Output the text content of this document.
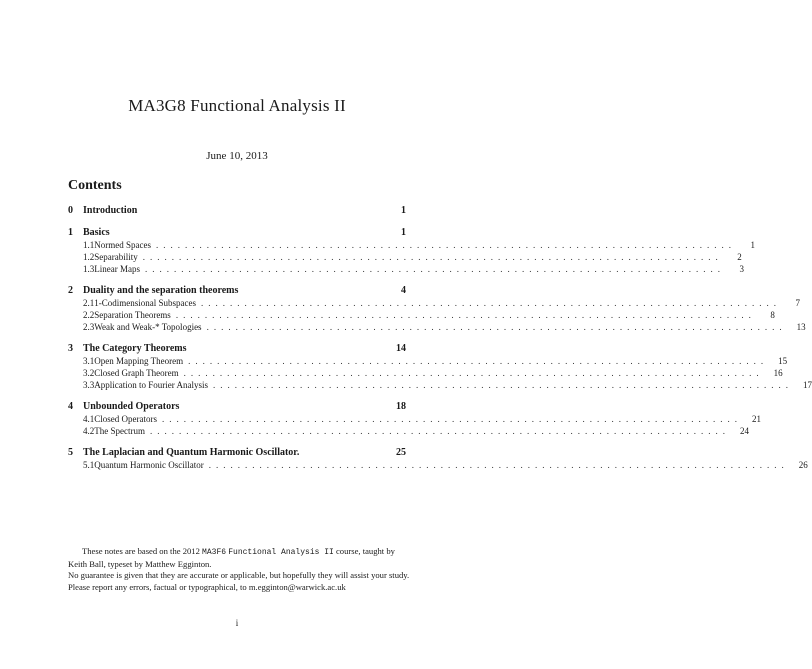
MA3G8 Functional Analysis II
June 10, 2013
Contents
0	Introduction	1
1	Basics	1
1.1 Normed Spaces ................................................................................	1
1.2 Separability ................................................................................	2
1.3 Linear Maps ................................................................................	3
2	Duality and the separation theorems	4
2.1 1-Codimensional Subspaces ................................................................................	7
2.2 Separation Theorems ................................................................................	8
2.3 Weak and Weak-* Topologies ................................................................................	13
3	The Category Theorems	14
3.1 Open Mapping Theorem ................................................................................	15
3.2 Closed Graph Theorem ................................................................................	16
3.3 Application to Fourier Analysis ................................................................................	17
4	Unbounded Operators	18
4.1 Closed Operators ................................................................................	21
4.2 The Spectrum ................................................................................	24
5	The Laplacian and Quantum Harmonic Oscillator.	25
5.1 Quantum Harmonic Oscillator ................................................................................	26

These notes are based on the 2012 MA3F6 Functional Analysis II course, taught by Keith Ball, typeset by Matthew Egginton.

No guarantee is given that they are accurate or applicable, but hopefully they will assist your study.

Please report any errors, factual or typographical, to m.egginton@warwick.ac.uk

i
